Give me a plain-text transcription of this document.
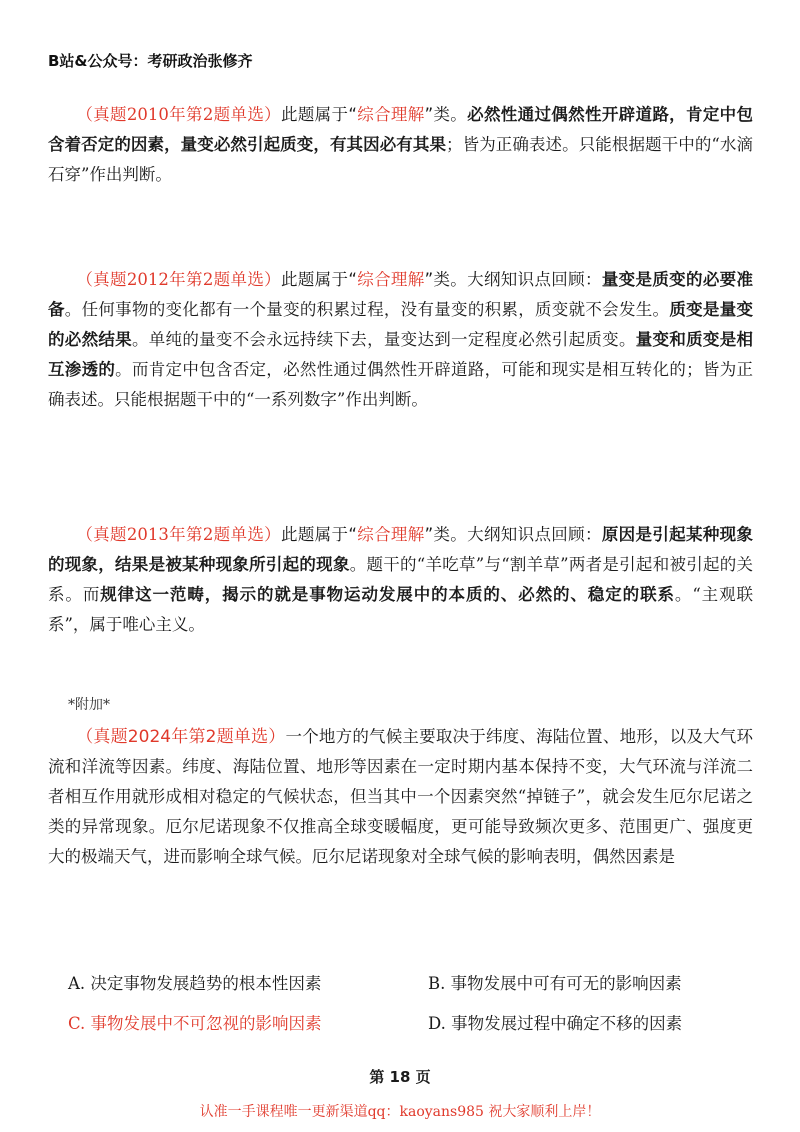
B站&公众号：考研政治张修齐

（真题2010年第2题单选）此题属于“综合理解”类。必然性通过偶然性开辟道路，肯定中包含着否定的因素，量变必然引起质变，有其因必有其果；皆为正确表述。只能根据题干中的“水滴石穿”作出判断。

（真题2012年第2题单选）此题属于“综合理解”类。大纲知识点回顾：量变是质变的必要准备。任何事物的变化都有一个量变的积累过程，没有量变的积累，质变就不会发生。质变是量变的必然结果。单纯的量变不会永远持续下去，量变达到一定程度必然引起质变。量变和质变是相互渗透的。而肯定中包含否定，必然性通过偶然性开辟道路，可能和现实是相互转化的；皆为正确表述。只能根据题干中的“一系列数字”作出判断。

（真题2013年第2题单选）此题属于“综合理解”类。大纲知识点回顾：原因是引起某种现象的现象，结果是被某种现象所引起的现象。题干的“羊吃草”与“割羊草”两者是引起和被引起的关系。而规律这一范畴，揭示的就是事物运动发展中的本质的、必然的、稳定的联系。“主观联系”，属于唯心主义。

*附加*

（真题2024年第2题单选）一个地方的气候主要取决于纬度、海陆位置、地形，以及大气环流和洋流等因素。纬度、海陆位置、地形等因素在一定时期内基本保持不变，大气环流与洋流二者相互作用就形成相对稳定的气候状态，但当其中一个因素突然“掉链子”，就会发生厄尔尼诺之类的异常现象。厄尔尼诺现象不仅推高全球变暖幅度，更可能导致频次更多、范围更广、强度更大的极端天气，进而影响全球气候。厄尔尼诺现象对全球气候的影响表明，偶然因素是

A. 决定事物发展趋势的根本性因素	B. 事物发展中可有可无的影响因素
C. 事物发展中不可忽视的影响因素	D. 事物发展过程中确定不移的因素
第 18 页
认准一手课程唯一更新渠道qq：kaoyans985 祝大家顺利上岸！
